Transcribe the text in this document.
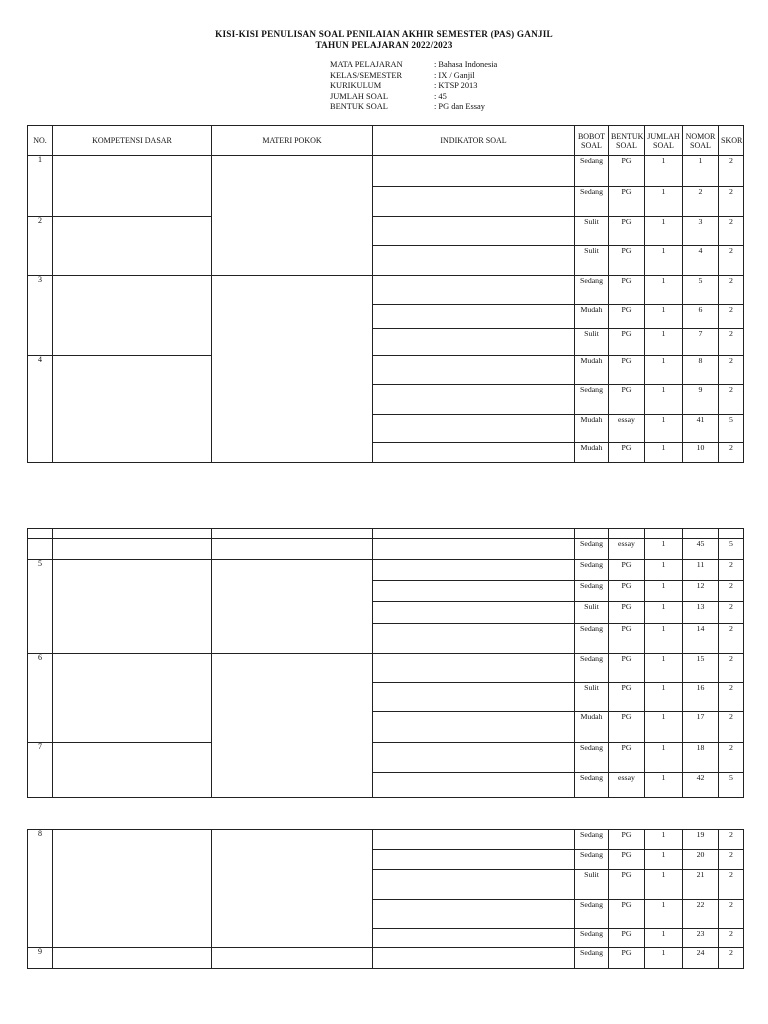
KISI-KISI PENULISAN SOAL PENILAIAN AKHIR SEMESTER (PAS) GANJIL
TAHUN PELAJARAN 2022/2023
MATA PELAJARAN	: Bahasa Indonesia
KELAS/SEMESTER	: IX / Ganjil
KURIKULUM	: KTSP 2013
JUMLAH SOAL	: 45
BENTUK SOAL	: PG dan Essay
NO.	KOMPETENSI DASAR	MATERI POKOK	INDIKATOR SOAL	BOBOT SOAL	BENTUK SOAL	JUMLAH SOAL	NOMOR SOAL	SKOR
1				Sedang	PG	1	1	2
				Sedang	PG	1	2	2
2				Sulit	PG	1	3	2
				Sulit	PG	1	4	2
3				Sedang	PG	1	5	2
				Mudah	PG	1	6	2
				Sulit	PG	1	7	2
4				Mudah	PG	1	8	2
				Sedang	PG	1	9	2
				Mudah	essay	1	41	5
				Mudah	PG	1	10	2

				Sedang	essay	1	45	5
5				Sedang	PG	1	11	2
				Sedang	PG	1	12	2
				Sulit	PG	1	13	2
				Sedang	PG	1	14	2
6				Sedang	PG	1	15	2
				Sulit	PG	1	16	2
				Mudah	PG	1	17	2
7				Sedang	PG	1	18	2
				Sedang	essay	1	42	5
8				Sedang	PG	1	19	2
				Sedang	PG	1	20	2
				Sulit	PG	1	21	2
				Sedang	PG	1	22	2
				Sedang	PG	1	23	2
9				Sedang	PG	1	24	2
